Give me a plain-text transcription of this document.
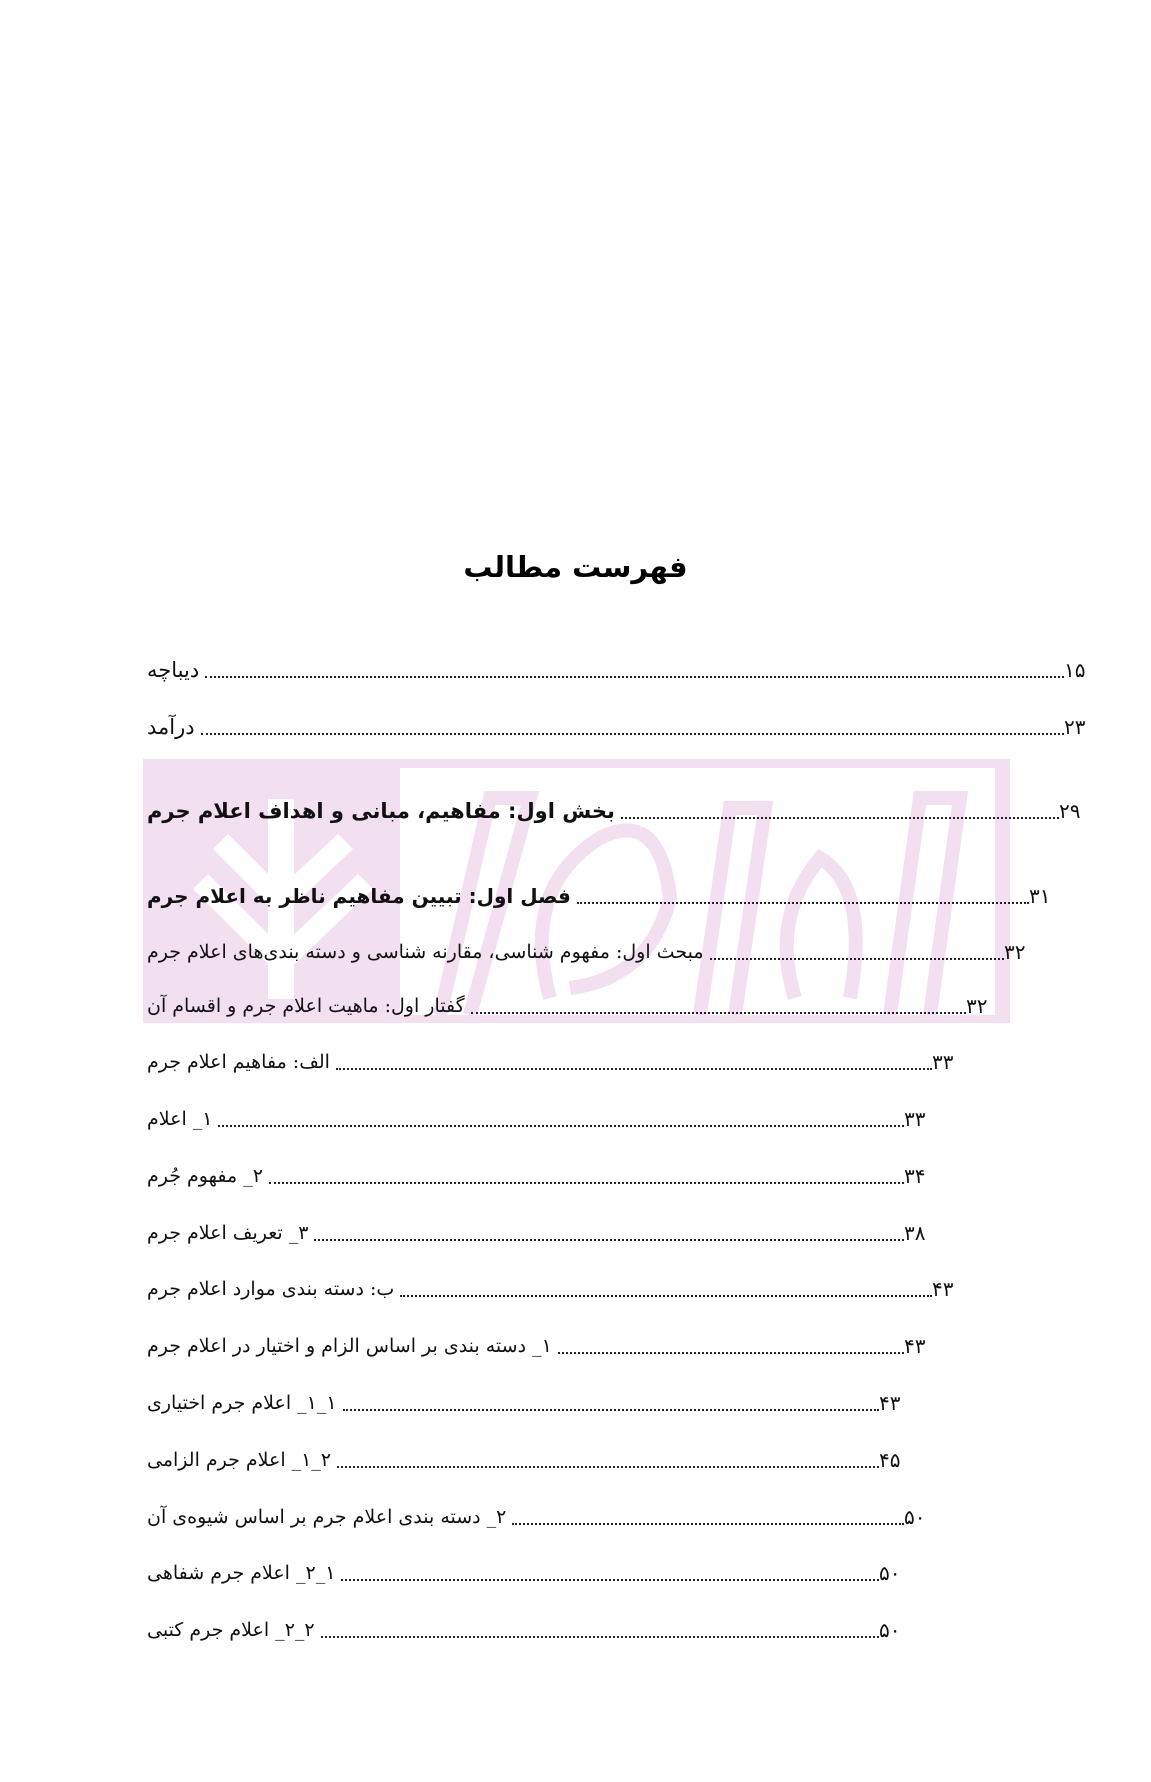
فهرست مطالب
دیباچه	۱۵
درآمد	۲۳
بخش اول: مفاهیم، مبانی و اهداف اعلام جرم	۲۹
فصل اول: تبیین مفاهیم ناظر به اعلام جرم	۳۱
مبحث اول: مفهوم شناسی، مقارنه شناسی و دسته بندی‌های اعلام جرم	۳۲
گفتار اول: ماهیت اعلام جرم و اقسام آن	۳۲
الف: مفاهیم اعلام جرم	۳۳
۱_ اعلام	۳۳
۲_ مفهوم جُرم	۳۴
۳_ تعریف اعلام جرم	۳۸
ب: دسته بندی موارد اعلام جرم	۴۳
۱_ دسته بندی بر اساس الزام و اختیار در اعلام جرم	۴۳
۱_۱_ اعلام جرم اختیاری	۴۳
۲_۱_ اعلام جرم الزامی	۴۵
۲_ دسته بندی اعلام جرم بر اساس شیوه‌ی آن	۵۰
۱_۲_ اعلام جرم شفاهی	۵۰
۲_۲_ اعلام جرم کتبی	۵۰
